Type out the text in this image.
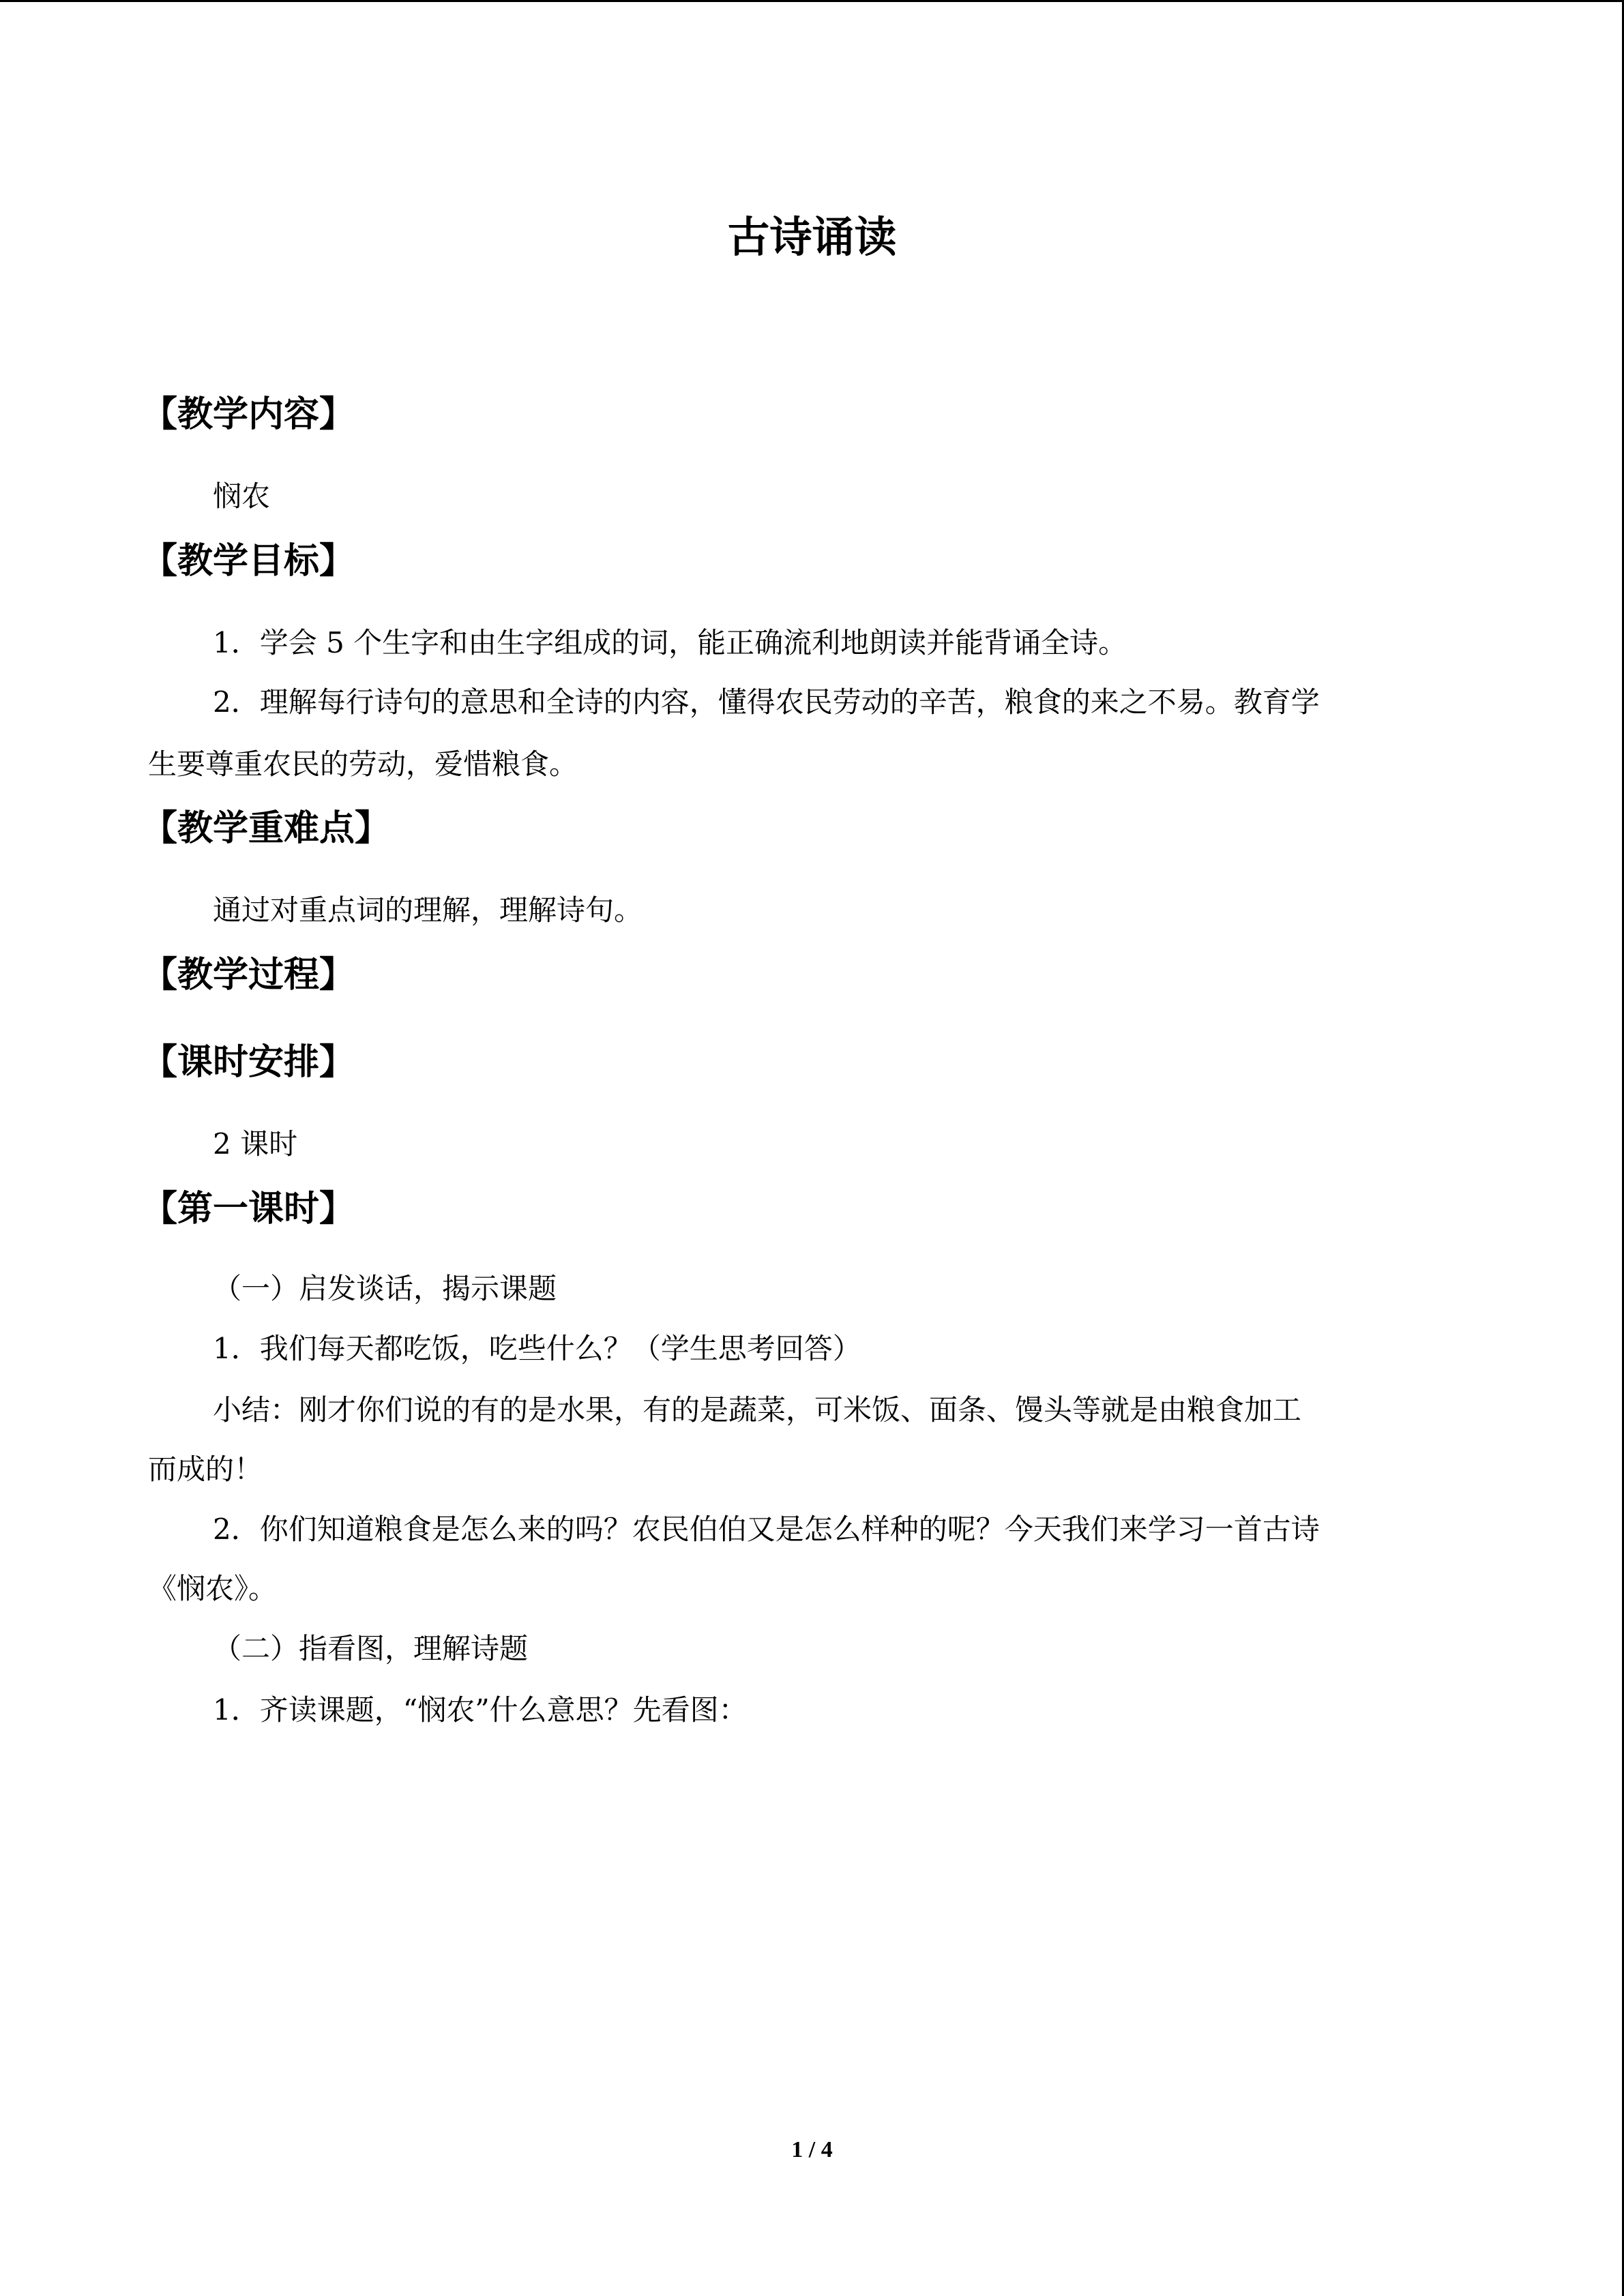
古诗诵读
【教学内容】
悯农
【教学目标】
1．学会 5 个生字和由生字组成的词，能正确流利地朗读并能背诵全诗。
2．理解每行诗句的意思和全诗的内容，懂得农民劳动的辛苦，粮食的来之不易。教育学
生要尊重农民的劳动，爱惜粮食。
【教学重难点】
通过对重点词的理解，理解诗句。
【教学过程】
【课时安排】
2 课时
【第一课时】
（一）启发谈话，揭示课题
1．我们每天都吃饭，吃些什么？（学生思考回答）
小结：刚才你们说的有的是水果，有的是蔬菜，可米饭、面条、馒头等就是由粮食加工
而成的！
2．你们知道粮食是怎么来的吗？农民伯伯又是怎么样种的呢？今天我们来学习一首古诗
《悯农》。
（二）指看图，理解诗题
1．齐读课题，“悯农”什么意思？先看图：
1 / 4
